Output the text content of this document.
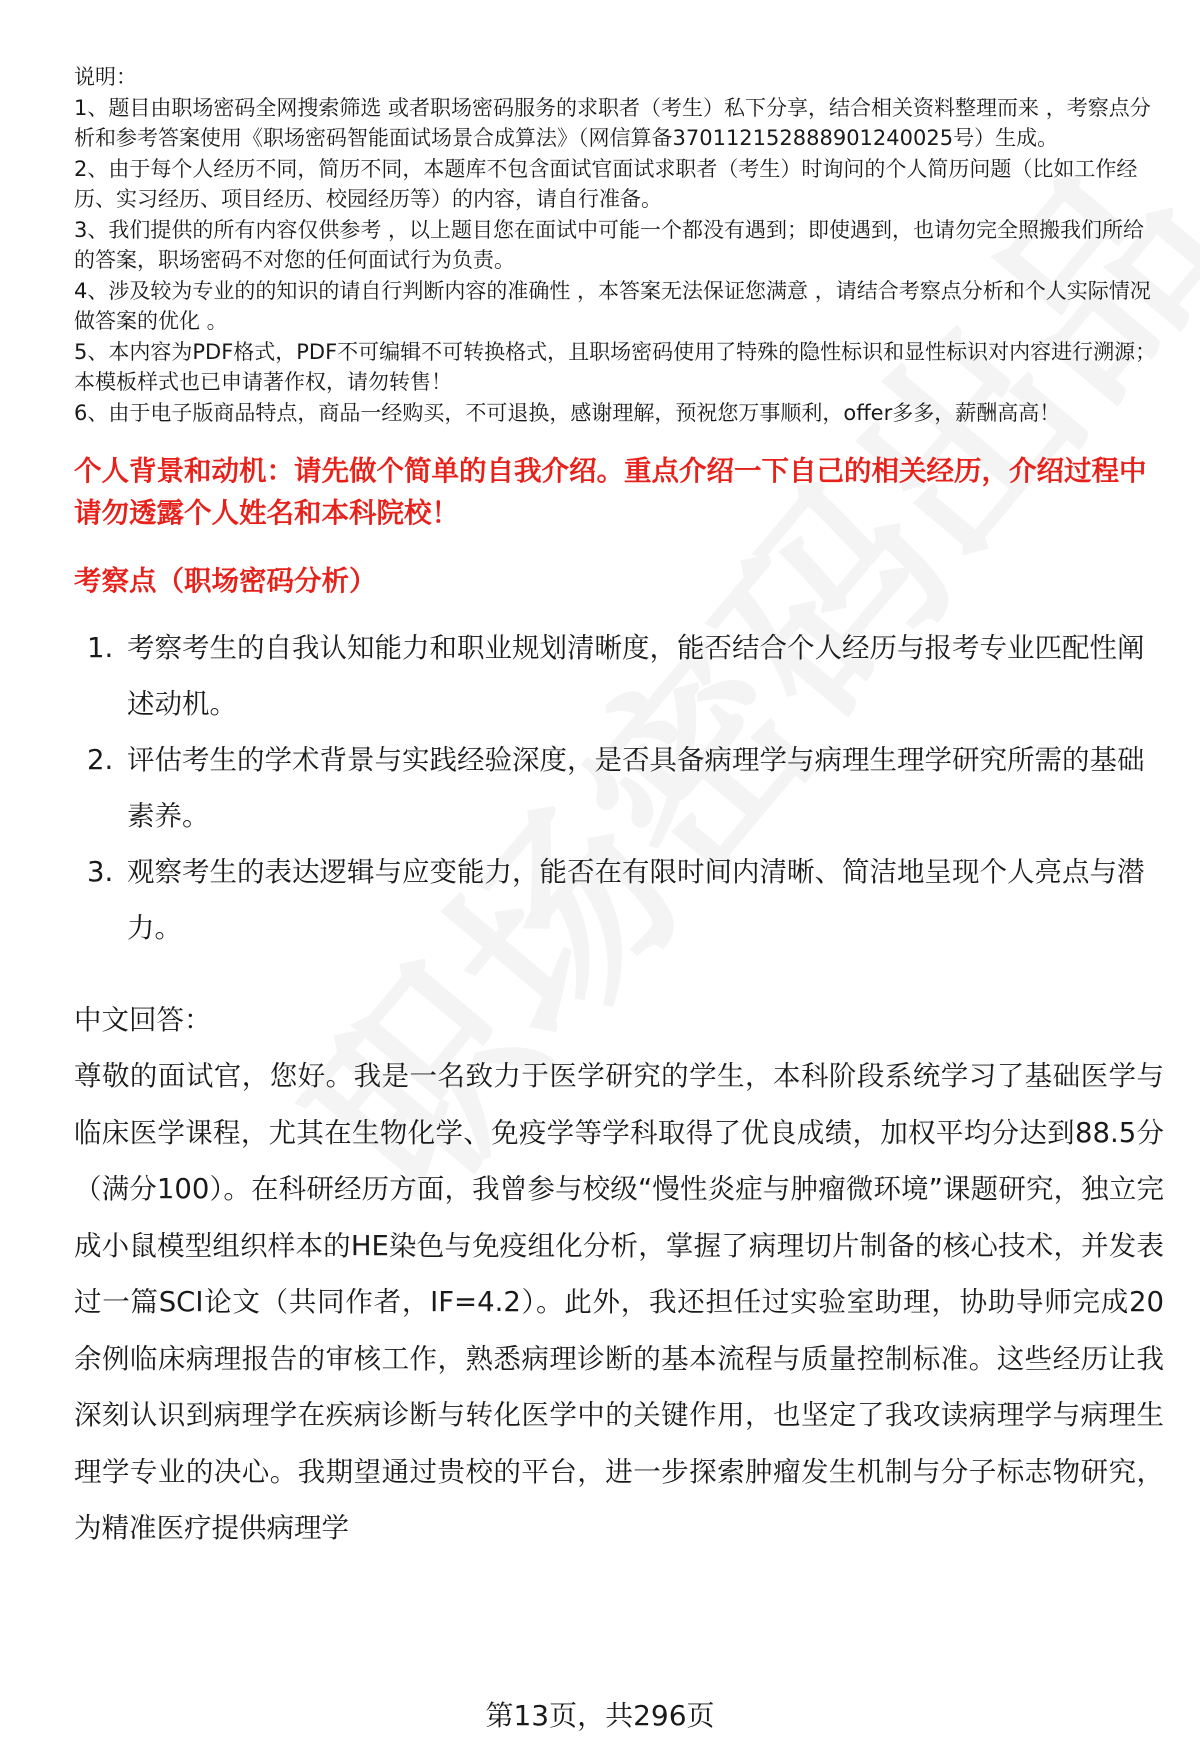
说明：

1、题目由职场密码全网搜索筛选 或者职场密码服务的求职者（考生）私下分享，结合相关资料整理而来 ，考察点分析和参考答案使用《职场密码智能面试场景合成算法》（网信算备370112152888901240025号）生成。

2、由于每个人经历不同，简历不同，本题库不包含面试官面试求职者（考生）时询问的个人简历问题（比如工作经历、实习经历、项目经历、校园经历等）的内容，请自行准备。

3、我们提供的所有内容仅供参考 ，以上题目您在面试中可能一个都没有遇到；即使遇到，也请勿完全照搬我们所给的答案，职场密码不对您的任何面试行为负责。

4、涉及较为专业的的知识的请自行判断内容的准确性 ，本答案无法保证您满意 ，请结合考察点分析和个人实际情况做答案的优化 。

5、本内容为PDF格式，PDF不可编辑不可转换格式，且职场密码使用了特殊的隐性标识和显性标识对内容进行溯源；本模板样式也已申请著作权，请勿转售！

6、由于电子版商品特点，商品一经购买，不可退换，感谢理解，预祝您万事顺利，offer多多，薪酬高高！

个人背景和动机：请先做个简单的自我介绍。重点介绍一下自己的相关经历，介绍过程中请勿透露个人姓名和本科院校！

考察点（职场密码分析）

1. 考察考生的自我认知能力和职业规划清晰度，能否结合个人经历与报考专业匹配性阐述动机。
2. 评估考生的学术背景与实践经验深度，是否具备病理学与病理生理学研究所需的基础素养。
3. 观察考生的表达逻辑与应变能力，能否在有限时间内清晰、简洁地呈现个人亮点与潜力。
中文回答：

尊敬的面试官，您好。我是一名致力于医学研究的学生，本科阶段系统学习了基础医学与临床医学课程，尤其在生物化学、免疫学等学科取得了优良成绩，加权平均分达到88.5分（满分100）。在科研经历方面，我曾参与校级“慢性炎症与肿瘤微环境”课题研究，独立完成小鼠模型组织样本的HE染色与免疫组化分析，掌握了病理切片制备的核心技术，并发表过一篇SCI论文（共同作者，IF=4.2）。此外，我还担任过实验室助理，协助导师完成20余例临床病理报告的审核工作，熟悉病理诊断的基本流程与质量控制标准。这些经历让我深刻认识到病理学在疾病诊断与转化医学中的关键作用，也坚定了我攻读病理学与病理生理学专业的决心。我期望通过贵校的平台，进一步探索肿瘤发生机制与分子标志物研究，为精准医疗提供病理学

第13页，共296页
